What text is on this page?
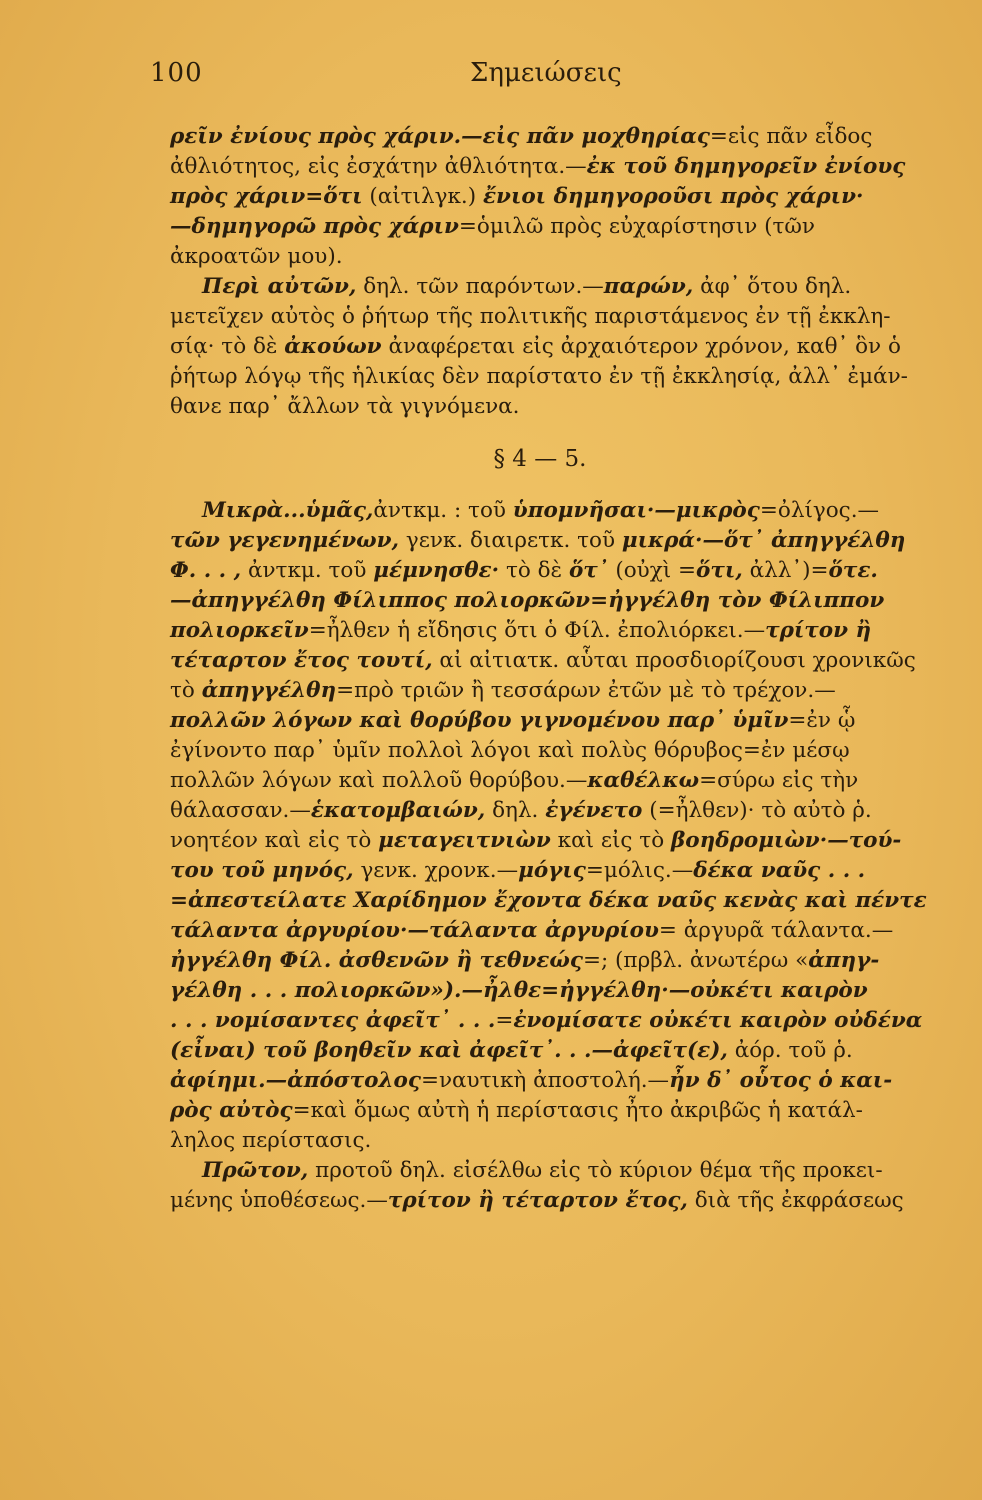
100	Σημειώσεις
ρεῖν ἐνίους πρὸς χάριν.—εἰς πᾶν μοχθηρίας=εἰς πᾶν εἶδος
ἀθλιότητος, εἰς ἐσχάτην ἀθλιότητα.—ἐκ τοῦ δημηγορεῖν ἐνίους
πρὸς χάριν=ὅτι (αἰτιλγκ.) ἔνιοι δημηγοροῦσι πρὸς χάριν·
—δημηγορῶ πρὸς χάριν=ὁμιλῶ πρὸς εὐχαρίστησιν (τῶν
ἀκροατῶν μου).
Περὶ αὐτῶν, δηλ. τῶν παρόντων.—παρών, ἀφ᾽ ὅτου δηλ.
μετεῖχεν αὐτὸς ὁ ῥήτωρ τῆς πολιτικῆς παριστάμενος ἐν τῇ ἐκκλη-
σίᾳ· τὸ δὲ ἀκούων ἀναφέρεται εἰς ἀρχαιότερον χρόνον, καθ᾽ ὃν ὁ
ῥήτωρ λόγῳ τῆς ἡλικίας δὲν παρίστατο ἐν τῇ ἐκκλησίᾳ, ἀλλ᾽ ἐμάν-
θανε παρ᾽ ἄλλων τὰ γιγνόμενα.
§ 4 — 5.
Μικρὰ...ὑμᾶς,ἀντκμ. : τοῦ ὑπομνῆσαι·—μικρὸς=ὀλίγος.—
τῶν γεγενημένων, γενκ. διαιρετκ. τοῦ μικρά·—ὅτ᾽ ἀπηγγέλθη
Φ. . . , ἀντκμ. τοῦ μέμνησθε· τὸ δὲ ὅτ᾽ (οὐχὶ =ὅτι, ἀλλ᾽)=ὅτε.
—ἀπηγγέλθη Φίλιππος πολιορκῶν=ἠγγέλθη τὸν Φίλιππον
πολιορκεῖν=ἦλθεν ἡ εἴδησις ὅτι ὁ Φίλ. ἐπολιόρκει.—τρίτον ἢ
τέταρτον ἔτος τουτί, αἰ αἰτιατκ. αὗται προσδιορίζουσι χρονικῶς
τὸ ἀπηγγέλθη=πρὸ τριῶν ἢ τεσσάρων ἐτῶν μὲ τὸ τρέχον.—
πολλῶν λόγων καὶ θορύβου γιγνομένου παρ᾽ ὑμῖν=ἐν ᾧ
ἐγίνοντο παρ᾽ ὑμῖν πολλοὶ λόγοι καὶ πολὺς θόρυβος=ἐν μέσῳ
πολλῶν λόγων καὶ πολλοῦ θορύβου.—καθέλκω=σύρω εἰς τὴν
θάλασσαν.—ἑκατομβαιών, δηλ. ἐγένετο (=ἦλθεν)· τὸ αὐτὸ ῥ.
νοητέον καὶ εἰς τὸ μεταγειτνιὼν καὶ εἰς τὸ βοηδρομιὼν·—τού-
του τοῦ μηνός, γενκ. χρονκ.—μόγις=μόλις.—δέκα ναῦς . . .
=ἀπεστείλατε Χαρίδημον ἔχοντα δέκα ναῦς κενὰς καὶ πέντε
τάλαντα ἀργυρίου·—τάλαντα ἀργυρίου= ἀργυρᾶ τάλαντα.—
ἠγγέλθη Φίλ. ἀσθενῶν ἢ τεθνεώς=; (πρβλ. ἀνωτέρω «ἀπηγ-
γέλθη . . . πολιορκῶν»).—ἦλθε=ἠγγέλθη·—οὐκέτι καιρὸν
. . . νομίσαντες ἀφεῖτ᾽ . . .=ἐνομίσατε οὐκέτι καιρὸν οὐδένα
(εἶναι) τοῦ βοηθεῖν καὶ ἀφεῖτ᾽. . .—ἀφεῖτ(ε), ἀόρ. τοῦ ῥ.
ἀφίημι.—ἀπόστολος=ναυτικὴ ἀποστολή.—ἦν δ᾽ οὗτος ὁ και-
ρὸς αὐτὸς=καὶ ὅμως αὐτὴ ἡ περίστασις ἦτο ἀκριβῶς ἡ κατάλ-
ληλος περίστασις.
Πρῶτον, προτοῦ δηλ. εἰσέλθω εἰς τὸ κύριον θέμα τῆς προκει-
μένης ὑποθέσεως.—τρίτον ἢ τέταρτον ἔτος, διὰ τῆς ἐκφράσεως
